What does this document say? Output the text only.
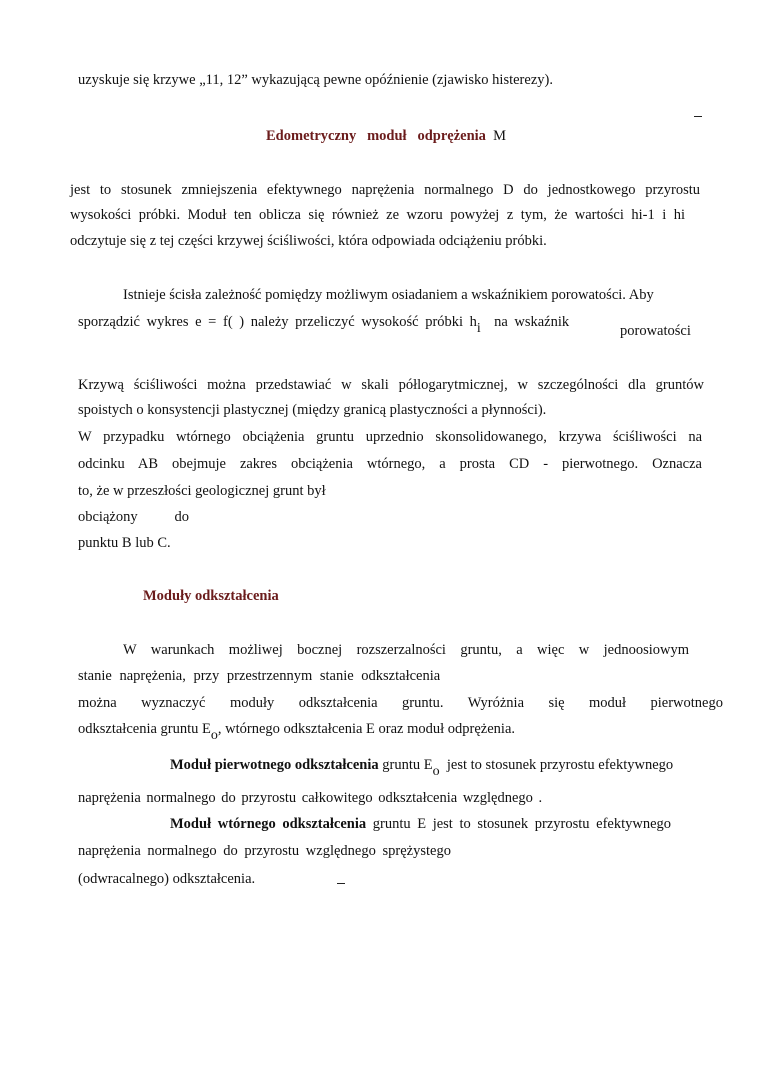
uzyskuje się krzywe „11, 12” wykazującą pewne opóźnienie (zjawisko histerezy).
Edometryczny moduł odprężenia M
jest to stosunek zmniejszenia efektywnego naprężenia normalnego D do jednostkowego przyrostu
wysokości próbki. Moduł ten oblicza się również ze wzoru powyżej z tym, że wartości hi-1 i hi
odczytuje się z tej części krzywej ściśliwości, która odpowiada odciążeniu próbki.
Istnieje ścisła zależność pomiędzy możliwym osiadaniem a wskaźnikiem porowatości. Aby
sporządzić wykres e = f( ) należy przeliczyć wysokość próbki $h_i$ na wskaźnik
porowatości
Krzywą ściśliwości można przedstawiać w skali półlogarytmicznej, w szczególności dla gruntów
spoistych o konsystencji plastycznej (między granicą plastyczności a płynności).
W przypadku wtórnego obciążenia gruntu uprzednio skonsolidowanego, krzywa ściśliwości na
odcinku AB obejmuje zakres obciążenia wtórnego, a prosta CD - pierwotnego. Oznacza
to, że w przeszłości geologicznej grunt był
obciążony do
punktu B lub C.
Moduły odkształcenia
W warunkach możliwej bocznej rozszerzalności gruntu, a więc w jednoosiowym
stanie naprężenia, przy przestrzennym stanie odkształcenia
można wyznaczyć moduły odkształcenia gruntu. Wyróżnia się moduł pierwotnego
odkształcenia gruntu $E_o$, wtórnego odkształcenia E oraz moduł odprężenia.
Moduł pierwotnego odkształcenia gruntu $E_o$ jest to stosunek przyrostu efektywnego
naprężenia normalnego do przyrostu całkowitego odkształcenia względnego .
Moduł wtórnego odkształcenia gruntu E jest to stosunek przyrostu efektywnego
naprężenia normalnego do przyrostu względnego sprężystego
(odwracalnego) odkształcenia.
